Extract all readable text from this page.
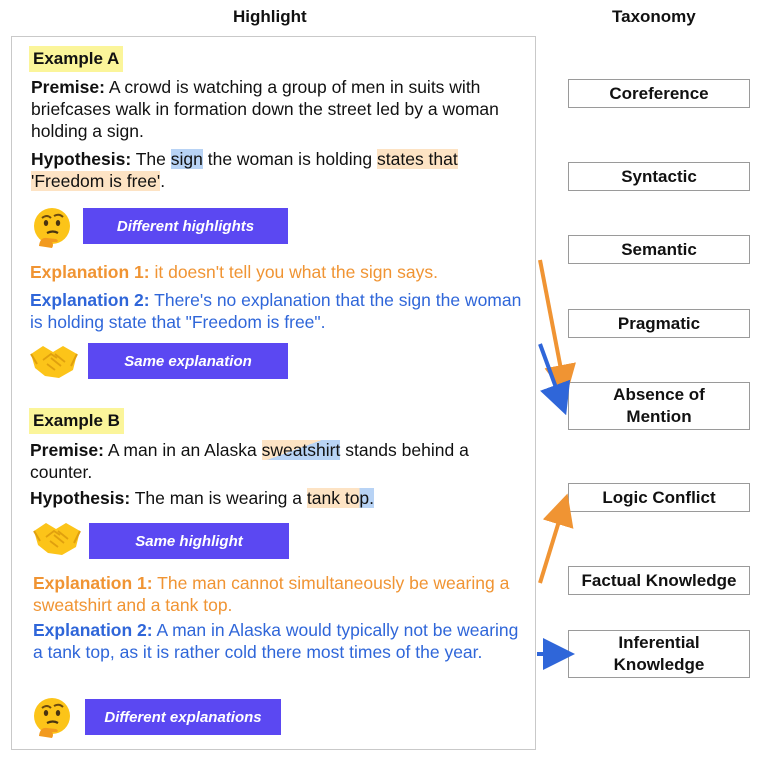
Highlight	Taxonomy
Example A
Premise: A crowd is watching a group of men in suits with briefcases walk in formation down the street led by a woman holding a sign.
Hypothesis: The sign the woman is holding states that 'Freedom is free'.
Different highlights
Explanation 1: it doesn't tell you what the sign says.
Explanation 2: There's no explanation that the sign the woman is holding state that "Freedom is free".
Same explanation
Example B
Premise: A man in an Alaska sweatshirt stands behind a counter.
Hypothesis: The man is wearing a tank top.
Same highlight
Explanation 1: The man cannot simultaneously be wearing a sweatshirt and a tank top.
Explanation 2: A man in Alaska would typically not be wearing a tank top, as it is rather cold there most times of the year.
Different explanations
Coreference
Syntactic
Semantic
Pragmatic
Absence of Mention
Logic Conflict
Factual Knowledge
Inferential Knowledge
